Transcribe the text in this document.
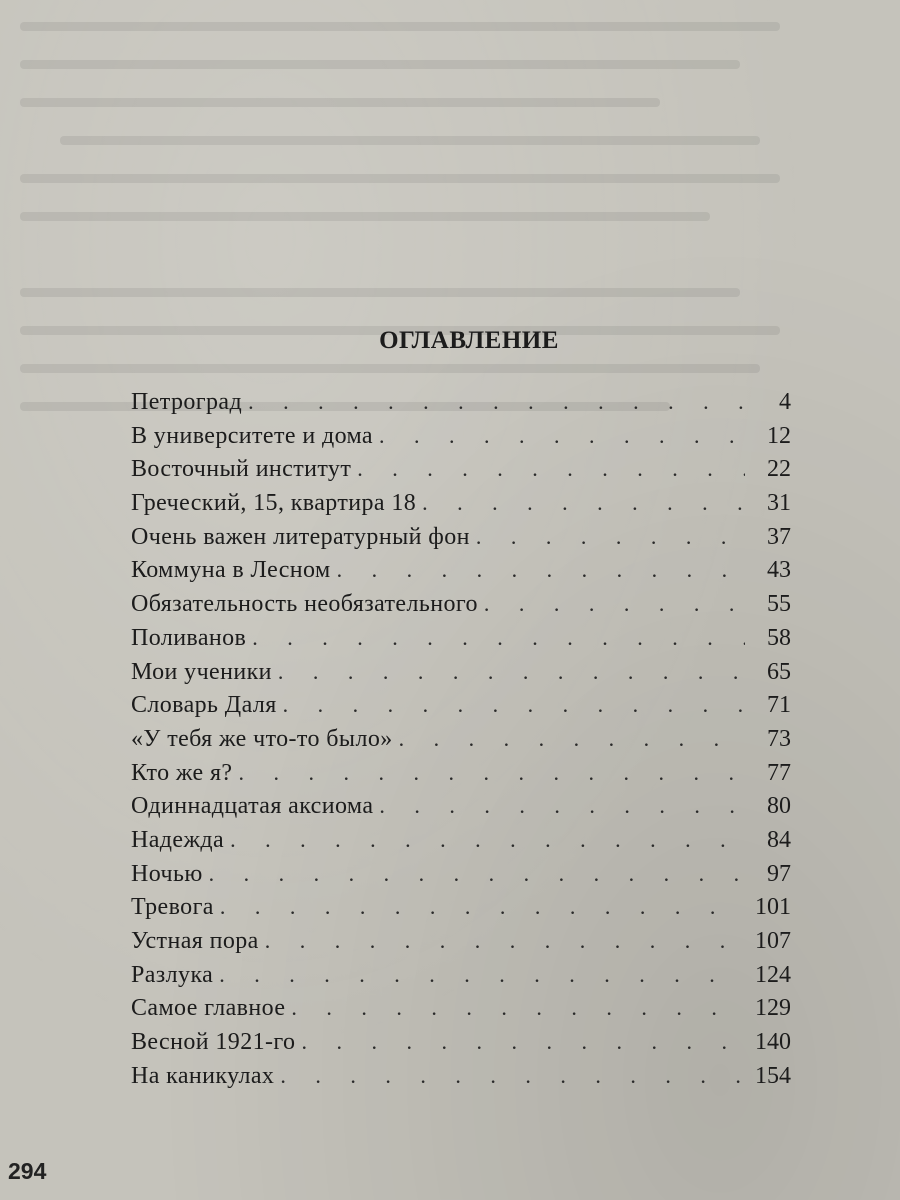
ОГЛАВЛЕНИЕ
Петроград . . .	4
В университете и дома . . .	12
Восточный институт . . .	22
Греческий, 15, квартира 18 . . .	31
Очень важен литературный фон . . .	37
Коммуна в Лесном . . .	43
Обязательность необязательного . . .	55
Поливанов . . .	58
Мои ученики . . .	65
Словарь Даля . . .	71
«У тебя же что-то было» . . .	73
Кто же я? . . .	77
Одиннадцатая аксиома . . .	80
Надежда . . .	84
Ночью . . .	97
Тревога . . .	101
Устная пора . . .	107
Разлука . . .	124
Самое главное . . .	129
Весной 1921-го . . .	140
На каникулах . . .	154
294
